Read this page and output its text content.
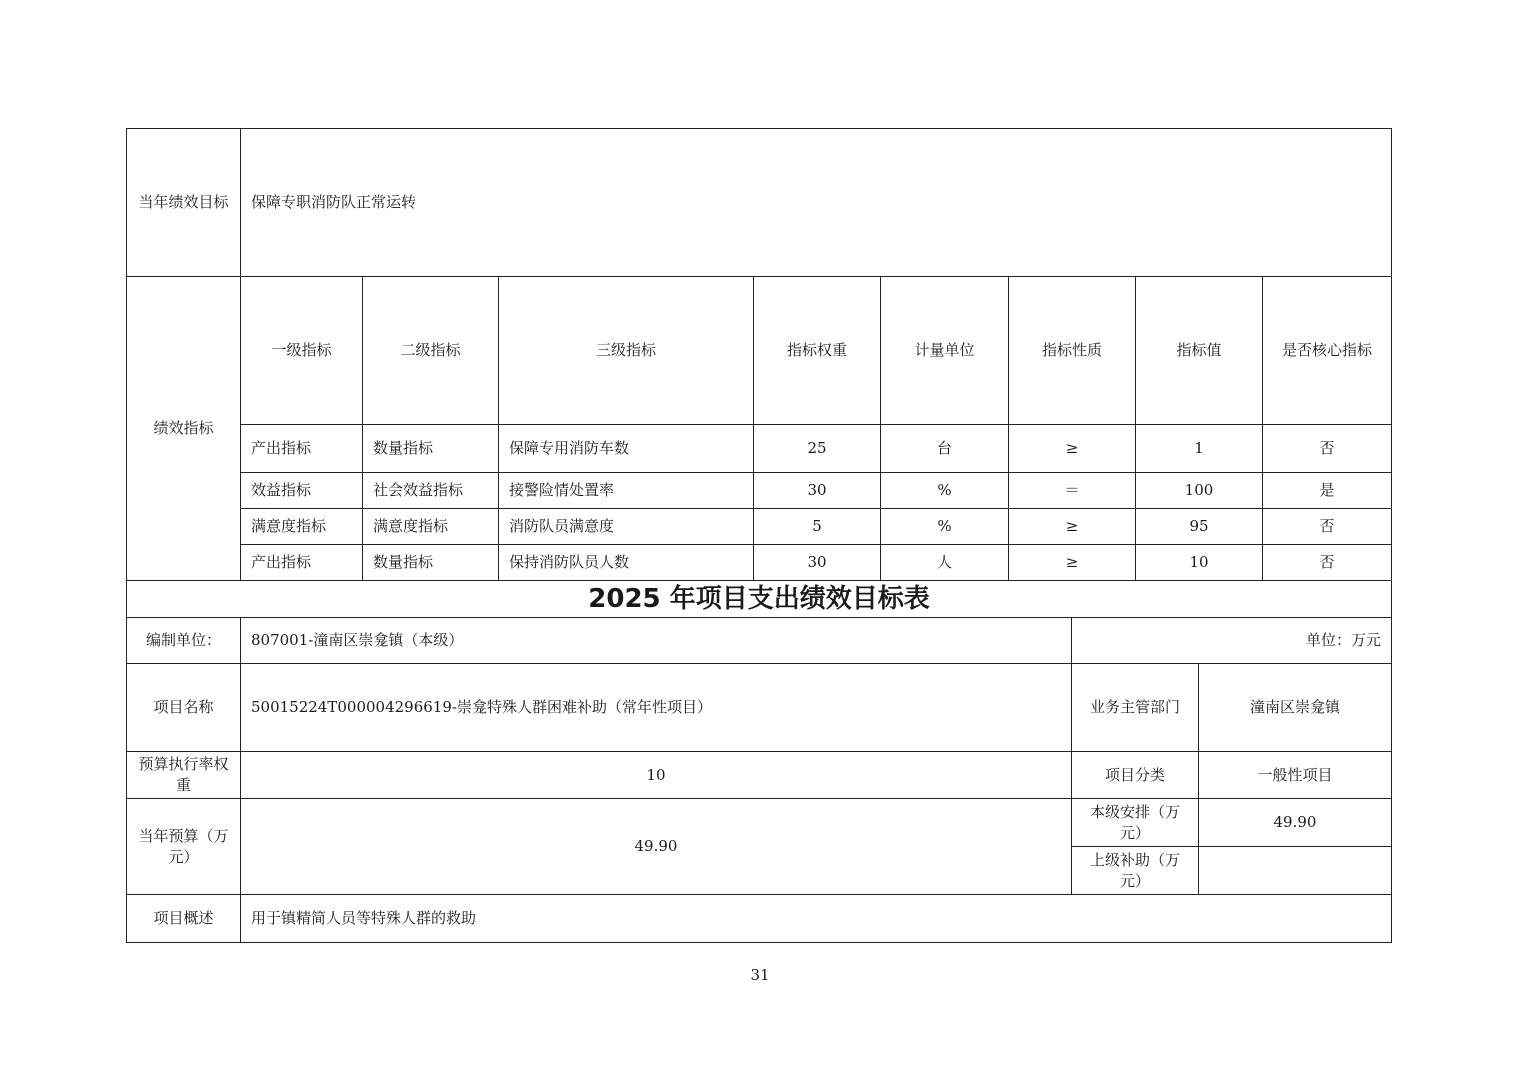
当年绩效目标	保障专职消防队正常运转							
绩效指标	一级指标	二级指标	三级指标	指标权重	计量单位	指标性质	指标值	是否核心指标
	产出指标	数量指标	保障专用消防车数	25	台	≥	1	否
	效益指标	社会效益指标	接警险情处置率	30	%	＝	100	是
	满意度指标	满意度指标	消防队员满意度	5	%	≥	95	否
	产出指标	数量指标	保持消防队员人数	30	人	≥	10	否
2025 年项目支出绩效目标表			
编制单位：	807001-潼南区崇龛镇（本级）	单位：万元	
项目名称	50015224T000004296619-崇龛特殊人群困难补助（常年性项目）	业务主管部门	潼南区崇龛镇
预算执行率权重	10	项目分类	一般性项目
当年预算（万元）	49.90	本级安排（万元）	49.90
		上级补助（万元）	
项目概述	用于镇精简人员等特殊人群的救助		
31
